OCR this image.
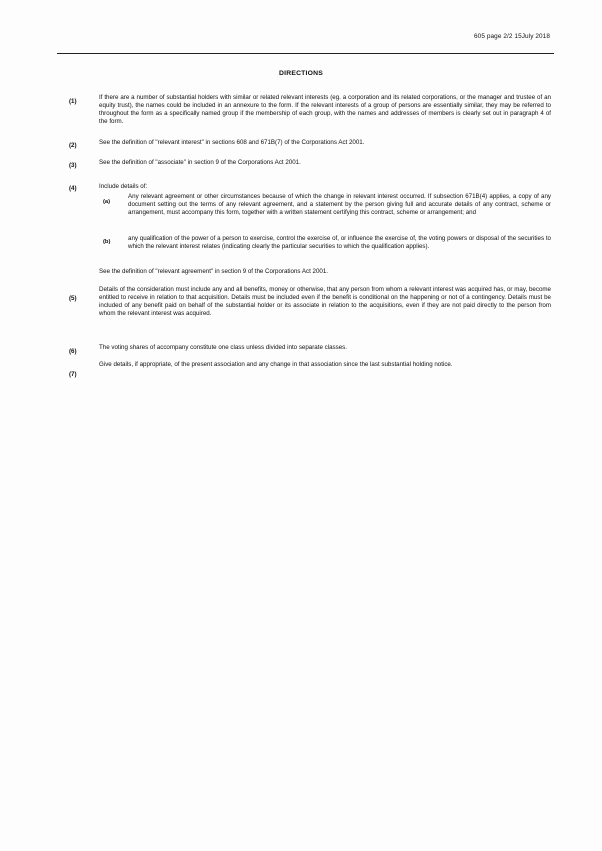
605 page 2/2 15July 2018
DIRECTIONS
(1)
If there are a number of substantial holders with similar or related relevant interests (eg. a corporation and its related corporations, or the manager and trustee of an equity trust), the names could be included in an annexure to the form. If the relevant interests of a group of persons are essentially similar, they may be referred to throughout the form as a specifically named group if the membership of each group, with the names and addresses of members is clearly set out in paragraph 4 of the form.
(2)	See the definition of "relevant interest" in sections 608 and 671B(7) of the Corporations Act 2001.
(3)	See the definition of "associate" in section 9 of the Corporations Act 2001.
(4)	Include details of:
(a)
Any relevant agreement or other circumstances because of which the change in relevant interest occurred. If subsection 671B(4) applies, a copy of any document setting out the terms of any relevant agreement, and a statement by the person giving full and accurate details of any contract, scheme or arrangement, must accompany this form, together with a written statement certifying this contract, scheme or arrangement; and
(b)	any qualification of the power of a person to exercise, control the exercise of, or influence the exercise of, the voting powers or disposal of the securities to which the relevant interest relates (indicating clearly the particular securities to which the qualification applies).
See the definition of "relevant agreement" in section 9 of the Corporations Act 2001.
(5)
Details of the consideration must include any and all benefits, money or otherwise, that any person from whom a relevant interest was acquired has, or may, become entitled to receive in relation to that acquisition. Details must be included even if the benefit is conditional on the happening or not of a contingency. Details must be included of any benefit paid on behalf of the substantial holder or its associate in relation to the acquisitions, even if they are not paid directly to the person from whom the relevant interest was acquired.
(6)
The voting shares of accompany constitute one class unless divided into separate classes.
(7)
Give details, if appropriate, of the present association and any change in that association since the last substantial holding notice.
